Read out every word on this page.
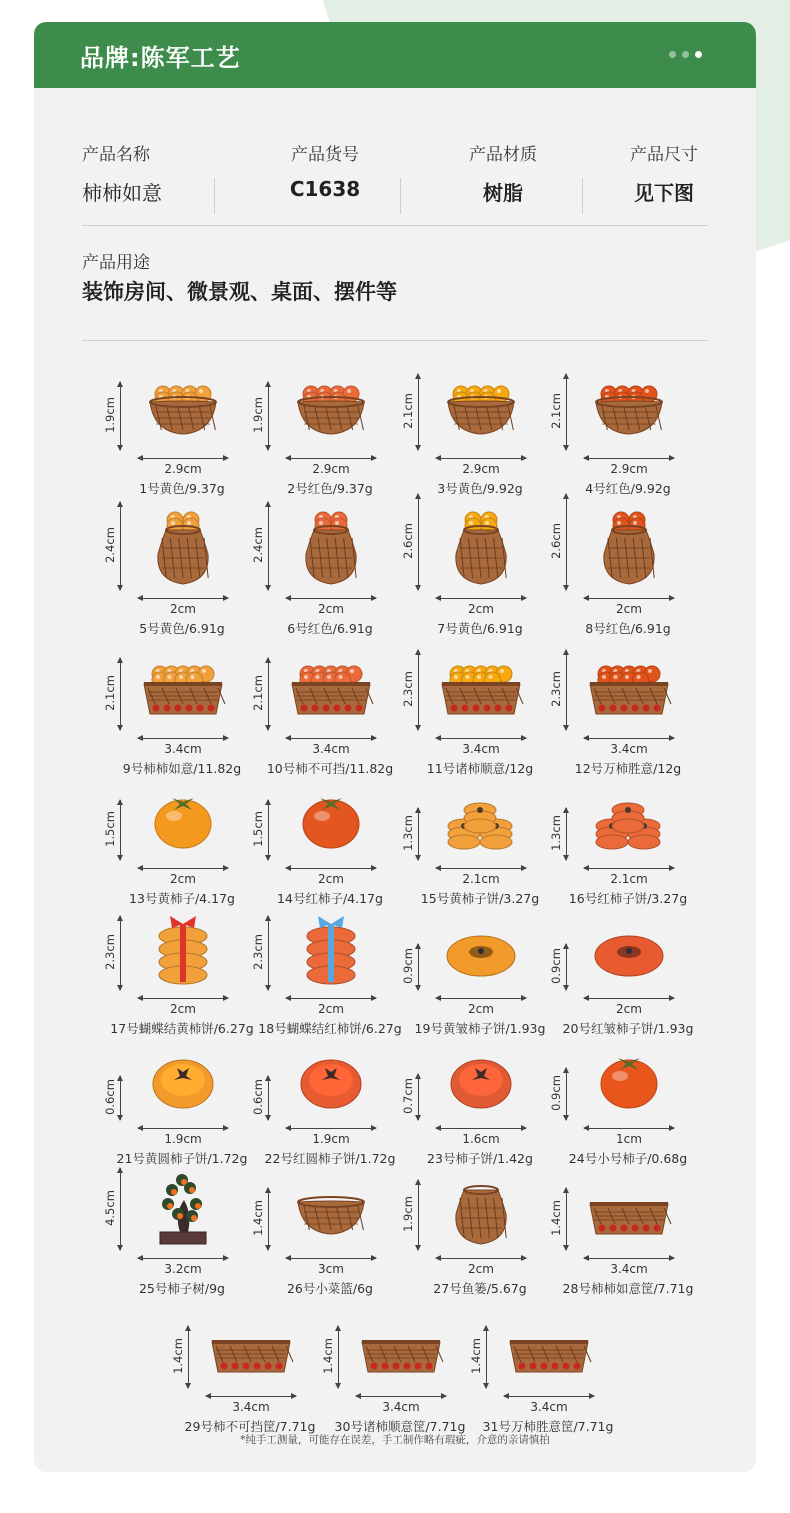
品牌:陈军工艺
产品名称
柿柿如意
产品货号
C1638
产品材质
树脂
产品尺寸
见下图
产品用途
装饰房间、微景观、桌面、摆件等
1.9cm
2.9cm
1号黄色/9.37g
1.9cm
2.9cm
2号红色/9.37g
2.1cm
2.9cm
3号黄色/9.92g
2.1cm
2.9cm
4号红色/9.92g
2.4cm
2cm
5号黄色/6.91g
2.4cm
2cm
6号红色/6.91g
2.6cm
2cm
7号黄色/6.91g
2.6cm
2cm
8号红色/6.91g
2.1cm
3.4cm
9号柿柿如意/11.82g
2.1cm
3.4cm
10号柿不可挡/11.82g
2.3cm
3.4cm
11号诸柿顺意/12g
2.3cm
3.4cm
12号万柿胜意/12g
1.5cm
2cm
13号黄柿子/4.17g
1.5cm
2cm
14号红柿子/4.17g
1.3cm
2.1cm
15号黄柿子饼/3.27g
1.3cm
2.1cm
16号红柿子饼/3.27g
2.3cm
2cm
17号蝴蝶结黄柿饼/6.27g
2.3cm
2cm
18号蝴蝶结红柿饼/6.27g
0.9cm
2cm
19号黄皱柿子饼/1.93g
0.9cm
2cm
20号红皱柿子饼/1.93g
0.6cm
1.9cm
21号黄圆柿子饼/1.72g
0.6cm
1.9cm
22号红圆柿子饼/1.72g
0.7cm
1.6cm
23号柿子饼/1.42g
0.9cm
1cm
24号小号柿子/0.68g
4.5cm
3.2cm
25号柿子树/9g
1.4cm
3cm
26号小菜篮/6g
1.9cm
2cm
27号鱼篓/5.67g
1.4cm
3.4cm
28号柿柿如意筐/7.71g
1.4cm
3.4cm
29号柿不可挡筐/7.71g
1.4cm
3.4cm
30号诸柿顺意筐/7.71g
1.4cm
3.4cm
31号万柿胜意筐/7.71g
*纯手工测量，可能存在误差，手工制作略有瑕疵，介意的亲请慎拍
